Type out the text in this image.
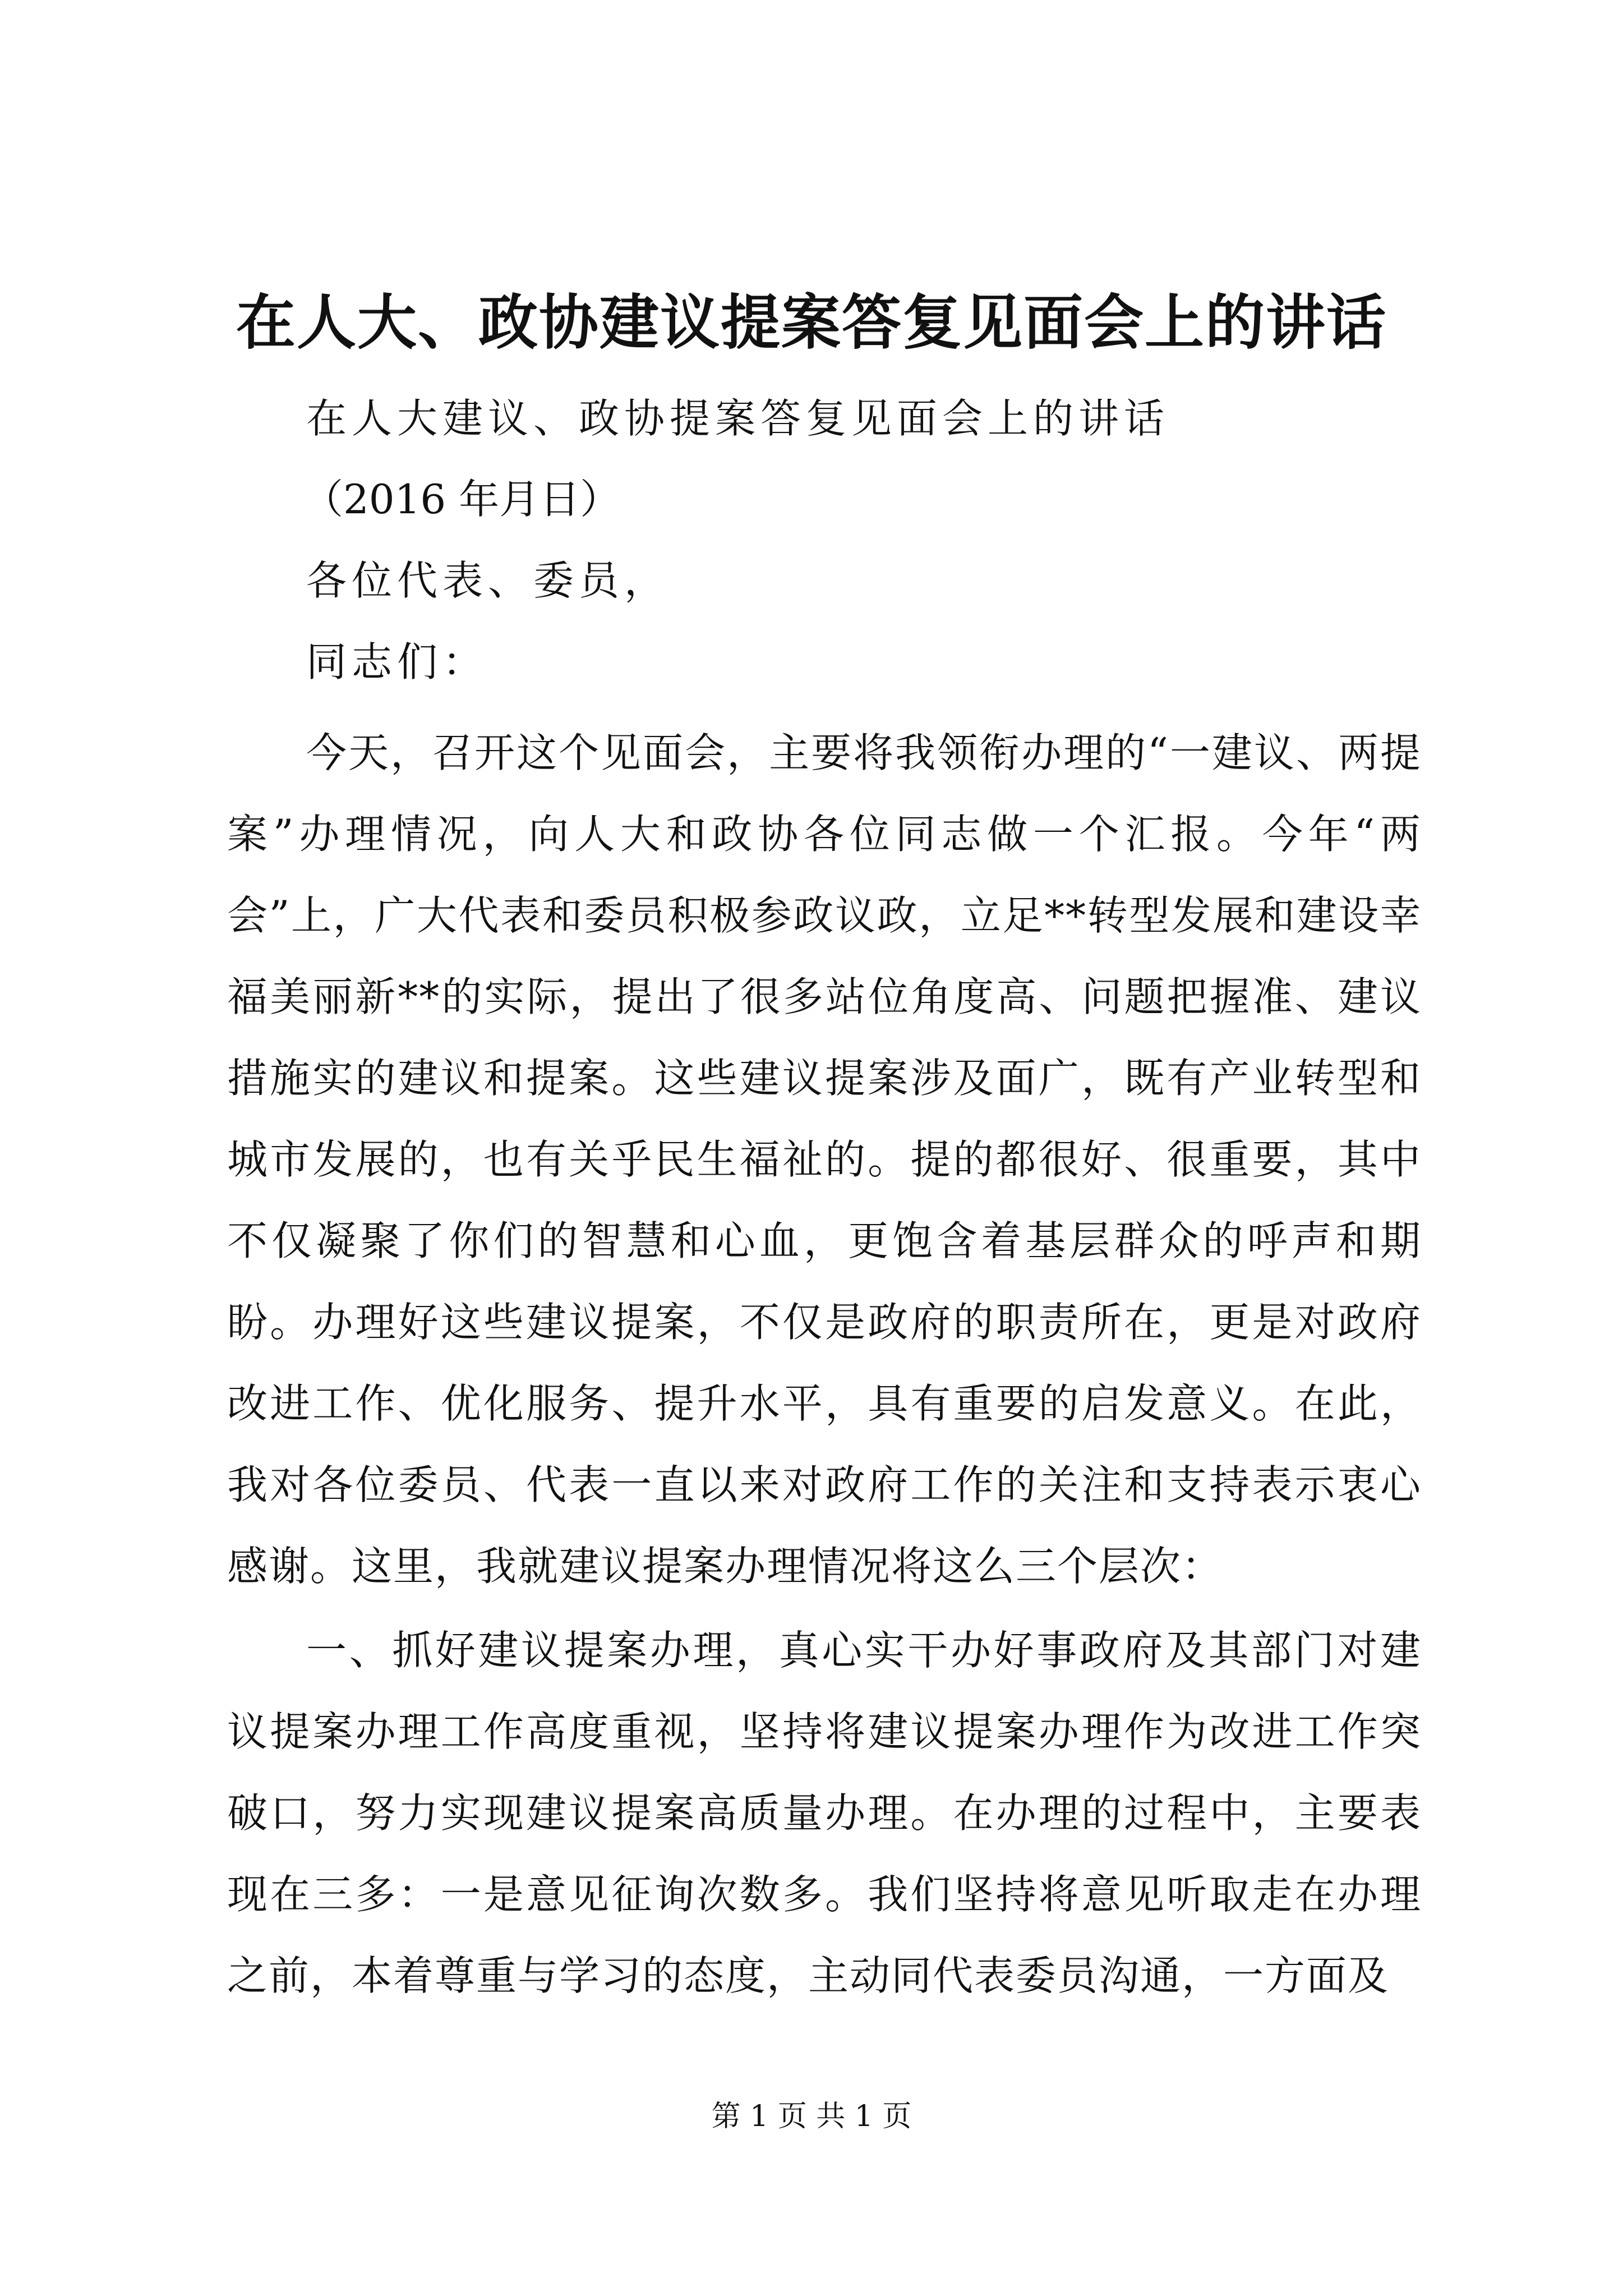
在人大、政协建议提案答复见面会上的讲话

在人大建议、政协提案答复见面会上的讲话

（2016 年月日）

各位代表、委员，

同志们：

今天，召开这个见面会，主要将我领衔办理的“一建议、两提案”办理情况，向人大和政协各位同志做一个汇报。今年“两会”上，广大代表和委员积极参政议政，立足**转型发展和建设幸福美丽新**的实际，提出了很多站位角度高、问题把握准、建议措施实的建议和提案。这些建议提案涉及面广，既有产业转型和城市发展的，也有关乎民生福祉的。提的都很好、很重要，其中不仅凝聚了你们的智慧和心血，更饱含着基层群众的呼声和期盼。办理好这些建议提案，不仅是政府的职责所在，更是对政府改进工作、优化服务、提升水平，具有重要的启发意义。在此，我对各位委员、代表一直以来对政府工作的关注和支持表示衷心感谢。这里，我就建议提案办理情况将这么三个层次：

一、抓好建议提案办理，真心实干办好事政府及其部门对建议提案办理工作高度重视，坚持将建议提案办理作为改进工作突破口，努力实现建议提案高质量办理。在办理的过程中，主要表现在三多：一是意见征询次数多。我们坚持将意见听取走在办理之前，本着尊重与学习的态度，主动同代表委员沟通，一方面及

第 1 页 共 1 页
